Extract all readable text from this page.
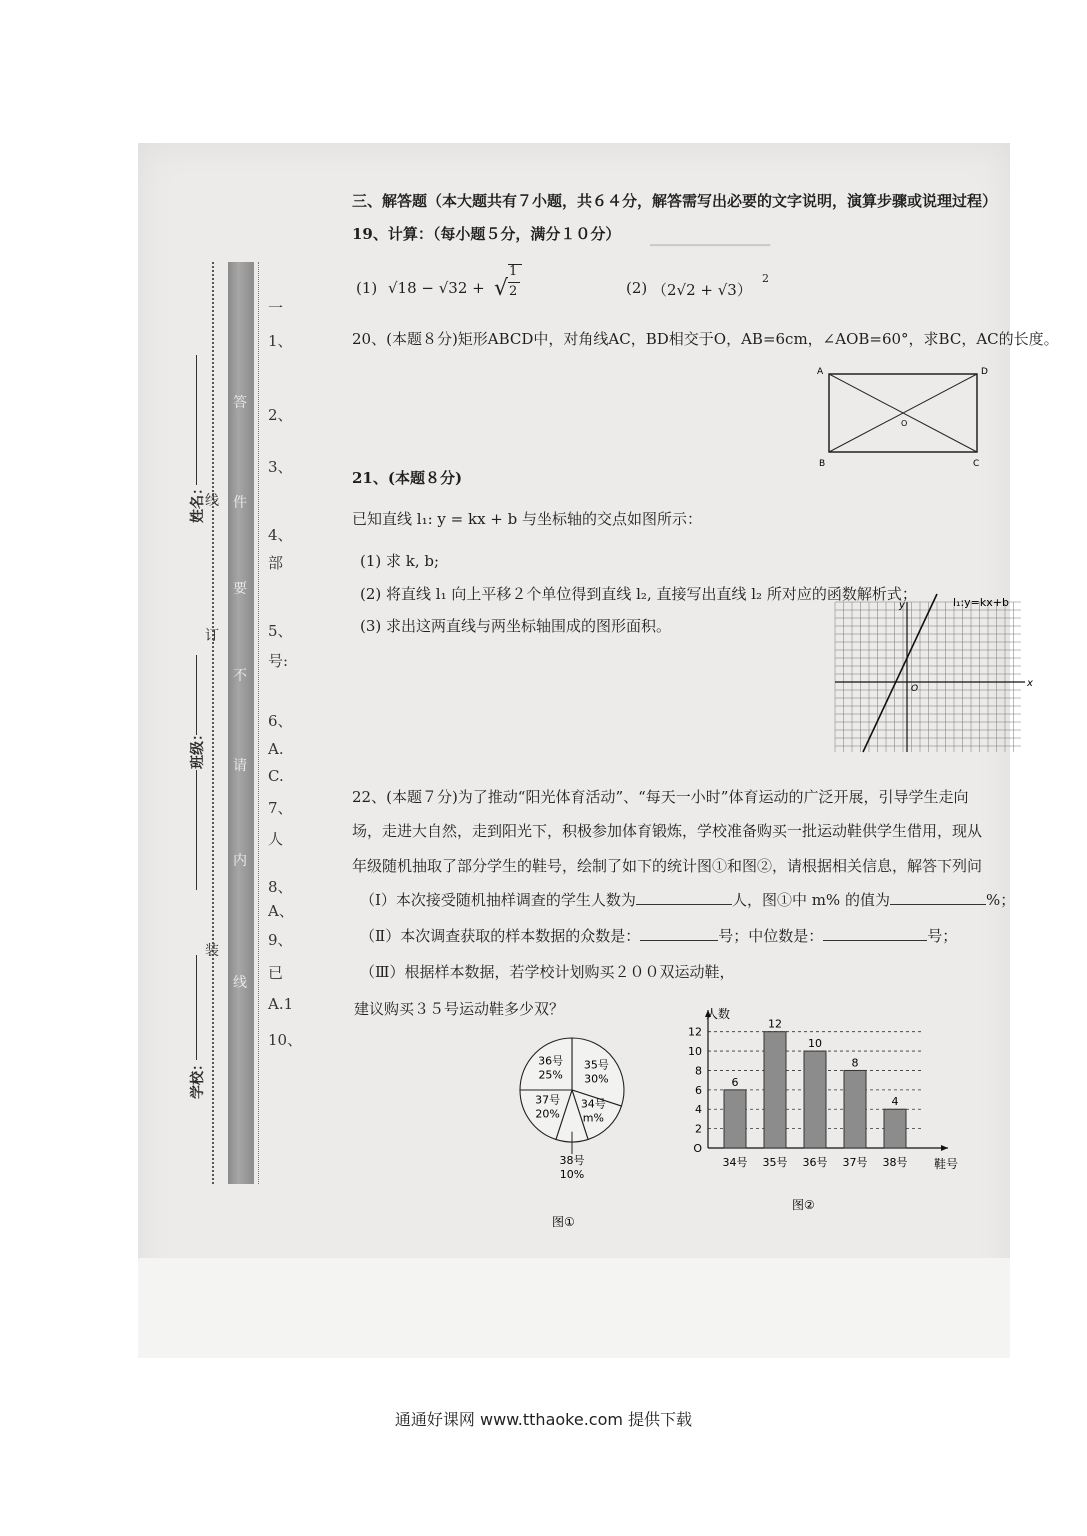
▁▁▁▁▁▁▁▁▁▁▁▁
答
件
要
不
请
内
线
线
订
装
姓名：
班级：
学校：
一
1、
2、
3、
4、
部
5、
号:
6、
A.
C.
7、
人
8、
A、
9、
已
A.1
10、
三、解答题（本大题共有７小题，共６４分，解答需写出必要的文字说明，演算步骤或说理过程）
19、计算：（每小题５分，满分１０分）
(1) √18 − √32 + √
1
2	(2) （2√2 + √3）
2
20、(本题８分)矩形ABCD中，对角线AC，BD相交于O，AB=6cm，∠AOB=60°，求BC，AC的长度。
A	D
B	C
O
21、(本题８分)
已知直线 l₁: y = kx + b 与坐标轴的交点如图所示：
(1) 求 k, b;
(2) 将直线 l₁ 向上平移２个单位得到直线 l₂, 直接写出直线 l₂ 所对应的函数解析式；
(3) 求出这两直线与两坐标轴围成的图形面积。
x
y
O
l₁:y=kx+b
22、(本题７分)为了推动“阳光体育活动”、“每天一小时”体育运动的广泛开展，引导学生走向
场，走进大自然，走到阳光下，积极参加体育锻炼，学校准备购买一批运动鞋供学生借用，现从
年级随机抽取了部分学生的鞋号，绘制了如下的统计图①和图②，请根据相关信息，解答下列问
（Ⅰ）本次接受随机抽样调查的学生人数为	人，图①中 m% 的值为	%；
（Ⅱ）本次调查获取的样本数据的众数是：	号；中位数是：	号；
（Ⅲ）根据样本数据，若学校计划购买２００双运动鞋，
建议购买３５号运动鞋多少双？
35号
30%
34号
m%
38号
10%
37号
20%
36号
25%
图①
O
2
4
6
8
10
12
人数
鞋号
6
34号
12
35号
10
36号
8
37号
4
38号
图②
通通好课网 www.tthaoke.com 提供下载
